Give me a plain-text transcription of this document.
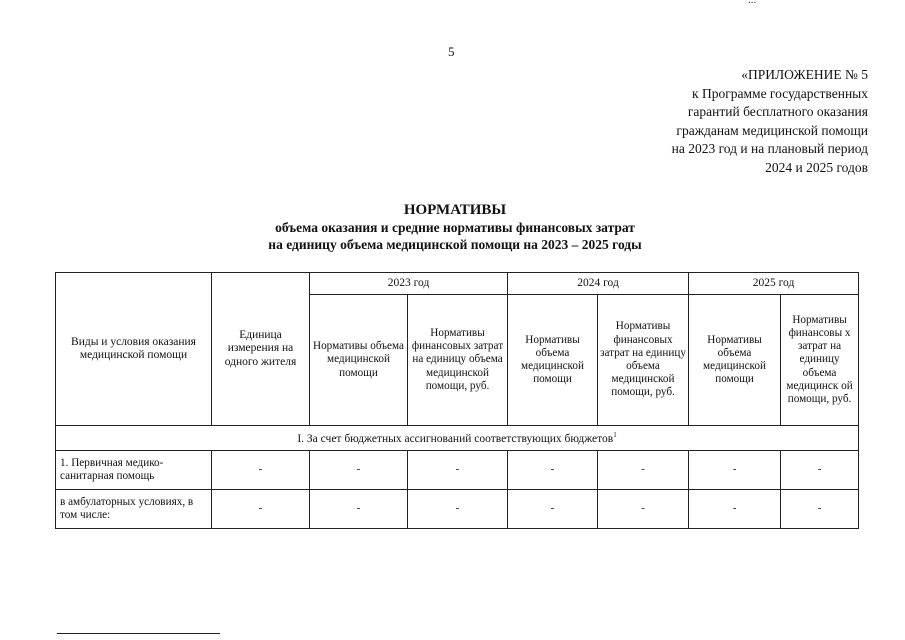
...
5
«ПРИЛОЖЕНИЕ № 5
к Программе государственных
гарантий бесплатного оказания
гражданам медицинской помощи
на 2023 год и на плановый период
2024 и 2025 годов
НОРМАТИВЫ
объема оказания и средние нормативы финансовых затрат
на единицу объема медицинской помощи на 2023 – 2025 годы
Виды и условия оказания медицинской помощи	Единица измерения на одного жителя	2023 год		2024 год		2025 год	
		Нормативы объема медицинской помощи	Нормативы финансовых затрат на единицу объема медицинской помощи, руб.	Нормативы объема медицинской помощи	Нормативы финансовых затрат на единицу объема медицинской помощи, руб.	Нормативы объема медицинской помощи	Нормативы финансовы х затрат на единицу объема медицинск ой помощи, руб.
I. За счет бюджетных ассигнований соответствующих бюджетов$^1$
1. Первичная медико-санитарная помощь	-	-	-	-	-	-	-
в амбулаторных условиях, в том числе:	-	-	-	-	-	-	-
